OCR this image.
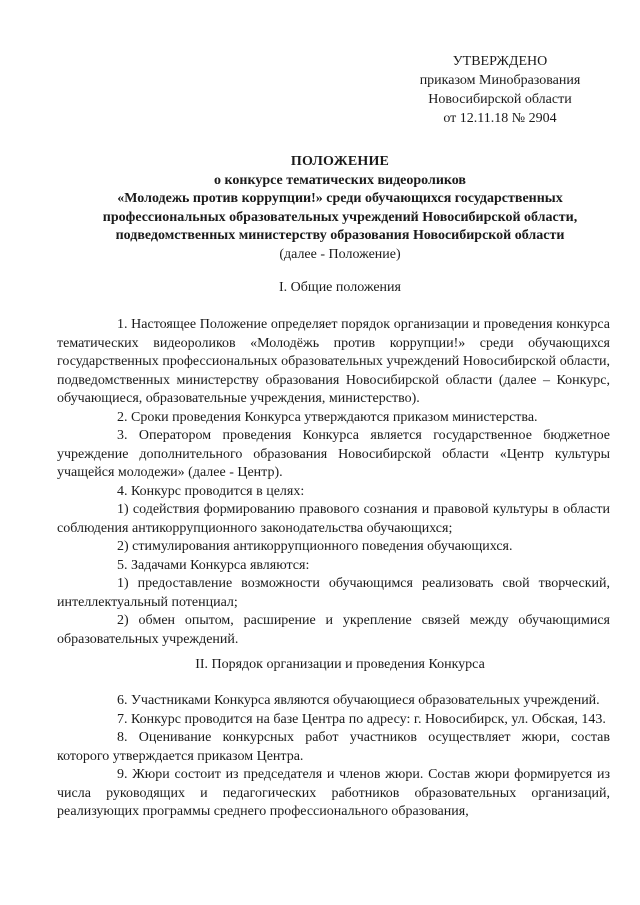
УТВЕРЖДЕНО
приказом Минобразования
Новосибирской области
от 12.11.18 № 2904
ПОЛОЖЕНИЕ
о конкурсе тематических видеороликов
«Молодежь против коррупции!» среди обучающихся государственных
профессиональных образовательных учреждений Новосибирской области,
подведомственных министерству образования Новосибирской области
(далее - Положение)
I. Общие положения

1. Настоящее Положение определяет порядок организации и проведения конкурса тематических видеороликов «Молодёжь против коррупции!» среди обучающихся государственных профессиональных образовательных учреждений Новосибирской области, подведомственных министерству образования Новосибирской области (далее – Конкурс, обучающиеся, образовательные учреждения, министерство).

2. Сроки проведения Конкурса утверждаются приказом министерства.

3. Оператором проведения Конкурса является государственное бюджетное учреждение дополнительного образования Новосибирской области «Центр культуры учащейся молодежи» (далее - Центр).

4. Конкурс проводится в целях:

1) содействия формированию правового сознания и правовой культуры в области соблюдения антикоррупционного законодательства обучающихся;

2) стимулирования антикоррупционного поведения обучающихся.

5. Задачами Конкурса являются:

1) предоставление возможности обучающимся реализовать свой творческий, интеллектуальный потенциал;

2) обмен опытом, расширение и укрепление связей между обучающимися образовательных учреждений.

II. Порядок организации и проведения Конкурса

6. Участниками Конкурса являются обучающиеся образовательных учреждений.

7. Конкурс проводится на базе Центра по адресу: г. Новосибирск, ул. Обская, 143.

8. Оценивание конкурсных работ участников осуществляет жюри, состав которого утверждается приказом Центра.

9. Жюри состоит из председателя и членов жюри. Состав жюри формируется из числа руководящих и педагогических работников образовательных организаций, реализующих программы среднего профессионального образования,
